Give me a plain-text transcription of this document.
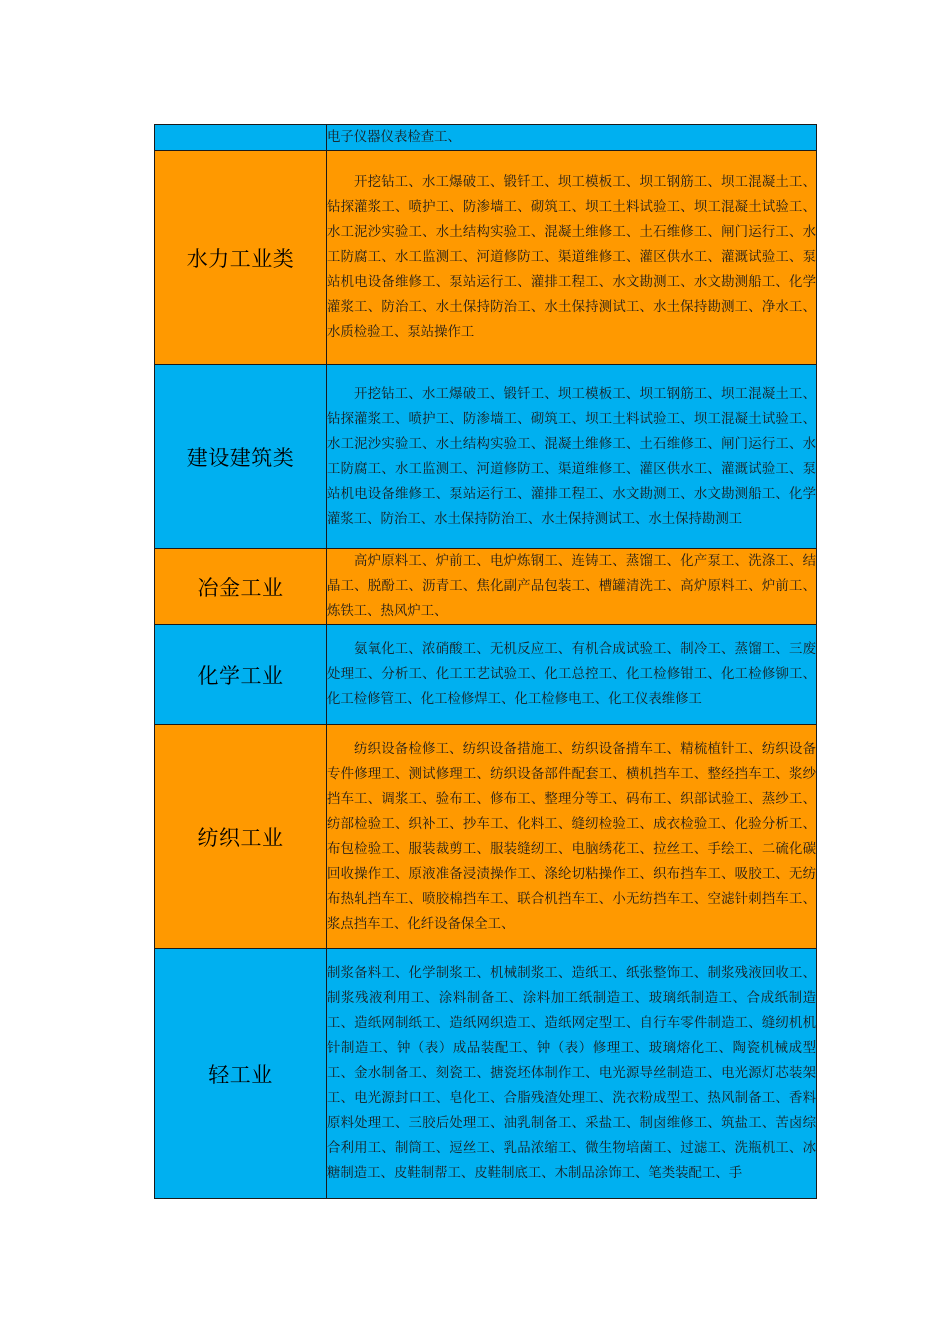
	电子仪器仪表检查工、
水力工业类	开挖钻工、水工爆破工、锻钎工、坝工模板工、坝工钢筋工、坝工混凝土工、钻探灌浆工、喷护工、防渗墙工、砌筑工、坝工土料试验工、坝工混凝土试验工、水工泥沙实验工、水土结构实验工、混凝土维修工、土石维修工、闸门运行工、水工防腐工、水工监测工、河道修防工、渠道维修工、灌区供水工、灌溉试验工、泵站机电设备维修工、泵站运行工、灌排工程工、水文勘测工、水文勘测船工、化学灌浆工、防治工、水土保持防治工、水土保持测试工、水土保持勘测工、净水工、水质检验工、泵站操作工
建设建筑类	开挖钻工、水工爆破工、锻钎工、坝工模板工、坝工钢筋工、坝工混凝土工、钻探灌浆工、喷护工、防渗墙工、砌筑工、坝工土料试验工、坝工混凝土试验工、水工泥沙实验工、水土结构实验工、混凝土维修工、土石维修工、闸门运行工、水工防腐工、水工监测工、河道修防工、渠道维修工、灌区供水工、灌溉试验工、泵站机电设备维修工、泵站运行工、灌排工程工、水文勘测工、水文勘测船工、化学灌浆工、防治工、水土保持防治工、水土保持测试工、水土保持勘测工
冶金工业	高炉原料工、炉前工、电炉炼钢工、连铸工、蒸馏工、化产泵工、洗涤工、结晶工、脱酚工、沥青工、焦化副产品包装工、槽罐清洗工、高炉原料工、炉前工、炼铁工、热风炉工、
化学工业	氨氧化工、浓硝酸工、无机反应工、有机合成试验工、制冷工、蒸馏工、三废处理工、分析工、化工工艺试验工、化工总控工、化工检修钳工、化工检修铆工、化工检修管工、化工检修焊工、化工检修电工、化工仪表维修工
纺织工业	纺织设备检修工、纺织设备措施工、纺织设备揹车工、精梳植针工、纺织设备专件修理工、测试修理工、纺织设备部件配套工、横机挡车工、整经挡车工、浆纱挡车工、调浆工、验布工、修布工、整理分等工、码布工、织部试验工、蒸纱工、纺部检验工、织补工、抄车工、化料工、缝纫检验工、成衣检验工、化验分析工、布包检验工、服装裁剪工、服装缝纫工、电脑绣花工、拉丝工、手绘工、二硫化碳回收操作工、原液准备浸渍操作工、涤纶切粘操作工、织布挡车工、吸胶工、无纺布热轧挡车工、喷胶棉挡车工、联合机挡车工、小无纺挡车工、空滤针刺挡车工、浆点挡车工、化纤设备保全工、
轻工业	制浆备料工、化学制浆工、机械制浆工、造纸工、纸张整饰工、制浆残液回收工、制浆残液利用工、涂料制备工、涂料加工纸制造工、玻璃纸制造工、合成纸制造工、造纸网制纸工、造纸网织造工、造纸网定型工、自行车零件制造工、缝纫机机针制造工、钟（表）成品装配工、钟（表）修理工、玻璃熔化工、陶瓷机械成型工、金水制备工、刻瓷工、搪瓷坯体制作工、电光源导丝制造工、电光源灯芯装架工、电光源封口工、皂化工、合脂残渣处理工、洗衣粉成型工、热风制备工、香料原料处理工、三胶后处理工、油乳制备工、采盐工、制卤维修工、筑盐工、苦卤综合利用工、制筒工、逗丝工、乳品浓缩工、微生物培菌工、过滤工、洗瓶机工、冰糖制造工、皮鞋制帮工、皮鞋制底工、木制品涂饰工、笔类装配工、手
